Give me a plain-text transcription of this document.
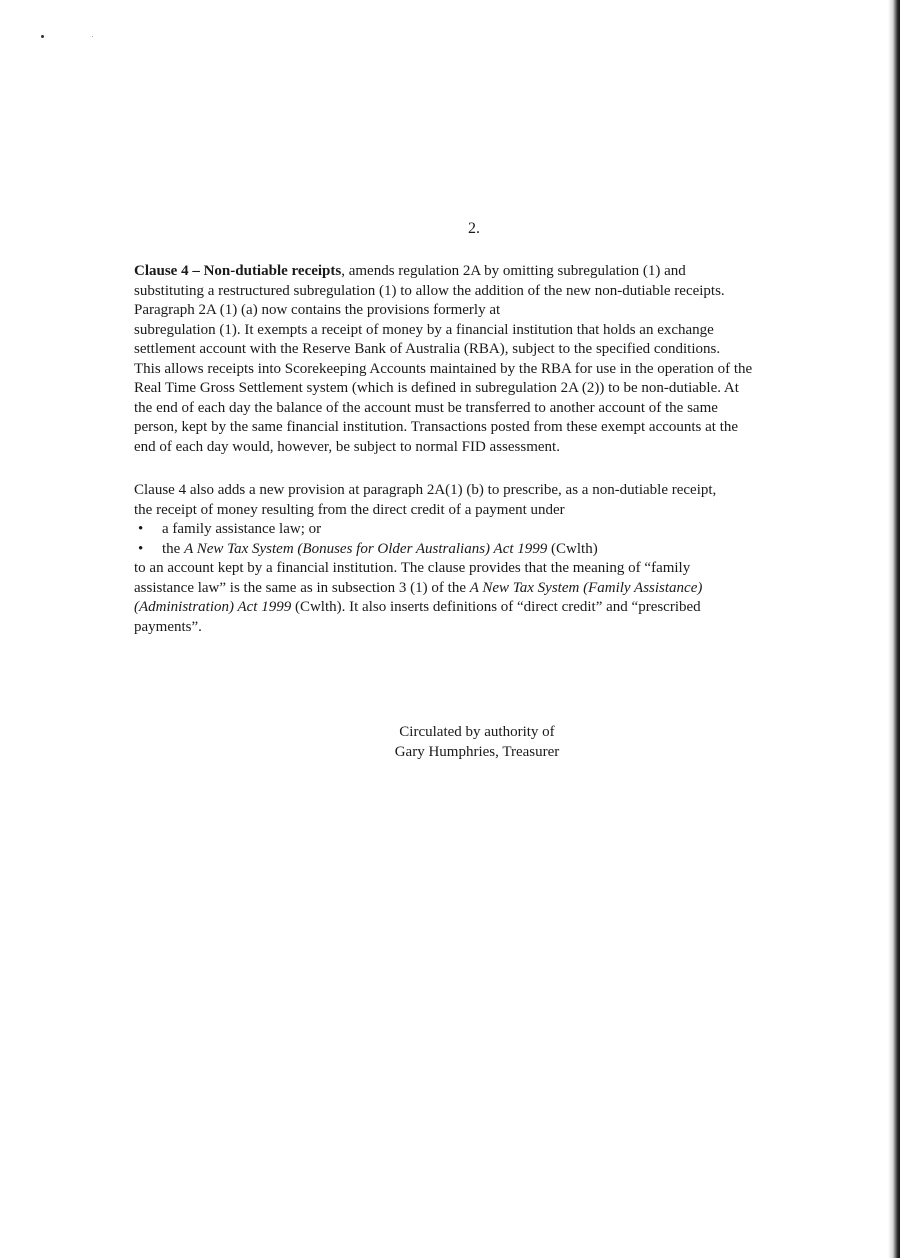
2.
Clause 4 – Non-dutiable receipts, amends regulation 2A by omitting subregulation (1) and
substituting a restructured subregulation (1) to allow the addition of the new non-dutiable receipts.
Paragraph 2A (1) (a) now contains the provisions formerly at
subregulation (1). It exempts a receipt of money by a financial institution that holds an exchange
settlement account with the Reserve Bank of Australia (RBA), subject to the specified conditions.
This allows receipts into Scorekeeping Accounts maintained by the RBA for use in the operation of the
Real Time Gross Settlement system (which is defined in subregulation 2A (2)) to be non-dutiable. At
the end of each day the balance of the account must be transferred to another account of the same
person, kept by the same financial institution. Transactions posted from these exempt accounts at the
end of each day would, however, be subject to normal FID assessment.
Clause 4 also adds a new provision at paragraph 2A(1) (b) to prescribe, as a non-dutiable receipt,
the receipt of money resulting from the direct credit of a payment under
• a family assistance law; or
• the A New Tax System (Bonuses for Older Australians) Act 1999 (Cwlth)
to an account kept by a financial institution. The clause provides that the meaning of “family
assistance law” is the same as in subsection 3 (1) of the A New Tax System (Family Assistance)
(Administration) Act 1999 (Cwlth). It also inserts definitions of “direct credit” and “prescribed
payments”.
Circulated by authority of
Gary Humphries, Treasurer
